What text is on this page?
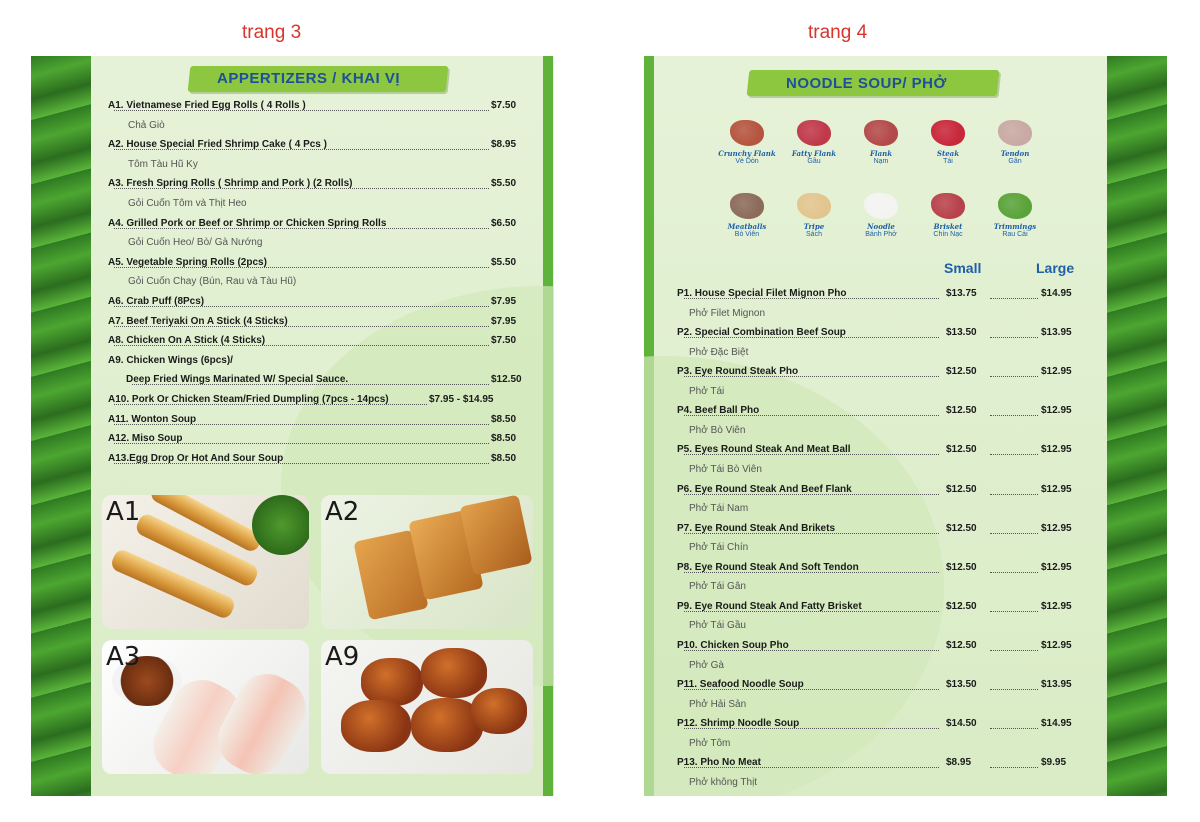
trang 3	trang 4
APPERTIZERS / KHAI VỊ
A1. Vietnamese Fried Egg Rolls ( 4 Rolls )	$7.50
Chả Giò
A2. House Special Fried Shrimp Cake ( 4 Pcs )	$8.95
Tôm Tàu Hũ Ky
A3. Fresh Spring Rolls ( Shrimp and Pork ) (2 Rolls)	$5.50
Gỏi Cuốn Tôm và Thịt Heo
A4. Grilled Pork or Beef or Shrimp or Chicken Spring Rolls	$6.50
Gỏi Cuốn Heo/ Bò/ Gà Nướng
A5. Vegetable Spring Rolls (2pcs)	$5.50
Gỏi Cuốn Chay (Bún, Rau và Tàu Hũ)
A6. Crab Puff (8Pcs)	$7.95
A7. Beef Teriyaki On A Stick (4 Sticks)	$7.95
A8. Chicken On A Stick (4 Sticks)	$7.50
A9. Chicken Wings (6pcs)/
Deep Fried Wings Marinated W/ Special Sauce.	$12.50
A10. Pork Or Chicken Steam/Fried Dumpling (7pcs - 14pcs)	$7.95 - $14.95
A11. Wonton Soup	$8.50
A12. Miso Soup	$8.50
A13.Egg Drop Or Hot And Sour Soup	$8.50
A1	A2
A3	A9
NOODLE SOUP/ PHỞ
Crunchy Flank
Vè Dòn
Fatty Flank
Gầu
Flank
Nạm
Steak
Tái
Tendon
Gân
Meatballs
Bò Viên
Tripe
Sách
Noodle
Bánh Phở
Brisket
Chín Nạc
Trimmings
Rau Cải
Small	Large
P1. House Special Filet Mignon Pho	$13.75	$14.95
Phở Filet Mignon
P2. Special Combination Beef Soup	$13.50	$13.95
Phở Đặc Biệt
P3. Eye Round Steak Pho	$12.50	$12.95
Phở Tái
P4. Beef Ball Pho	$12.50	$12.95
Phở Bò Viên
P5. Eyes Round Steak And Meat Ball	$12.50	$12.95
Phở Tái Bò Viên
P6. Eye Round Steak And Beef Flank	$12.50	$12.95
Phở Tái Nam
P7. Eye Round Steak And Brikets	$12.50	$12.95
Phở Tái Chín
P8. Eye Round Steak And Soft Tendon	$12.50	$12.95
Phở Tái Gân
P9. Eye Round Steak And Fatty Brisket	$12.50	$12.95
Phở Tái Gầu
P10. Chicken Soup Pho	$12.50	$12.95
Phở Gà
P11. Seafood Noodle Soup	$13.50	$13.95
Phở Hải Sản
P12. Shrimp Noodle Soup	$14.50	$14.95
Phở Tôm
P13. Pho No Meat	$8.95	$9.95
Phở không Thịt
